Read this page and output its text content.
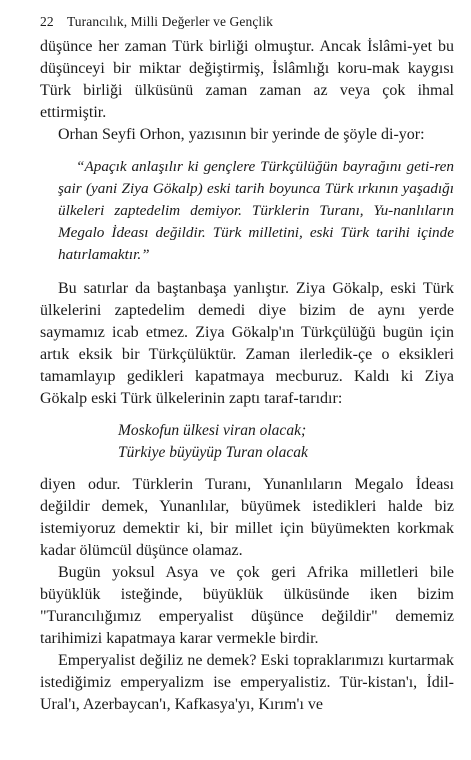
22 Turancılık, Milli Değerler ve Gençlik

düşünce her zaman Türk birliği olmuştur. Ancak İslâmi-yet bu düşünceyi bir miktar değiştirmiş, İslâmlığı koru-mak kaygısı Türk birliği ülküsünü zaman zaman az veya çok ihmal ettirmiştir.

Orhan Seyfi Orhon, yazısının bir yerinde de şöyle di-yor:

“Apaçık anlaşılır ki gençlere Türkçülüğün bayrağını geti-ren şair (yani Ziya Gökalp) eski tarih boyunca Türk ırkının yaşadığı ülkeleri zaptedelim demiyor. Türklerin Turanı, Yu-nanlıların Megalo İdeası değildir. Türk milletini, eski Türk tarihi içinde hatırlamaktır.”

Bu satırlar da baştanbaşa yanlıştır. Ziya Gökalp, eski Türk ülkelerini zaptedelim demedi diye bizim de aynı yerde saymamız icab etmez. Ziya Gökalp'ın Türkçülüğü bugün için artık eksik bir Türkçülüktür. Zaman ilerledik-çe o eksikleri tamamlayıp gedikleri kapatmaya mecburuz. Kaldı ki Ziya Gökalp eski Türk ülkelerinin zaptı taraf-tarıdır:

Moskofun ülkesi viran olacak;
Türkiye büyüyüp Turan olacak

diyen odur. Türklerin Turanı, Yunanlıların Megalo İdeası değildir demek, Yunanlılar, büyümek istedikleri halde biz istemiyoruz demektir ki, bir millet için büyümekten korkmak kadar ölümcül düşünce olamaz.

Bugün yoksul Asya ve çok geri Afrika milletleri bile büyüklük isteğinde, büyüklük ülküsünde iken bizim "Turancılığımız emperyalist düşünce değildir" dememiz tarihimizi kapatmaya karar vermekle birdir.

Emperyalist değiliz ne demek? Eski topraklarımızı kurtarmak istediğimiz emperyalizm ise emperyalistiz. Tür-kistan'ı, İdil-Ural'ı, Azerbaycan'ı, Kafkasya'yı, Kırım'ı ve
